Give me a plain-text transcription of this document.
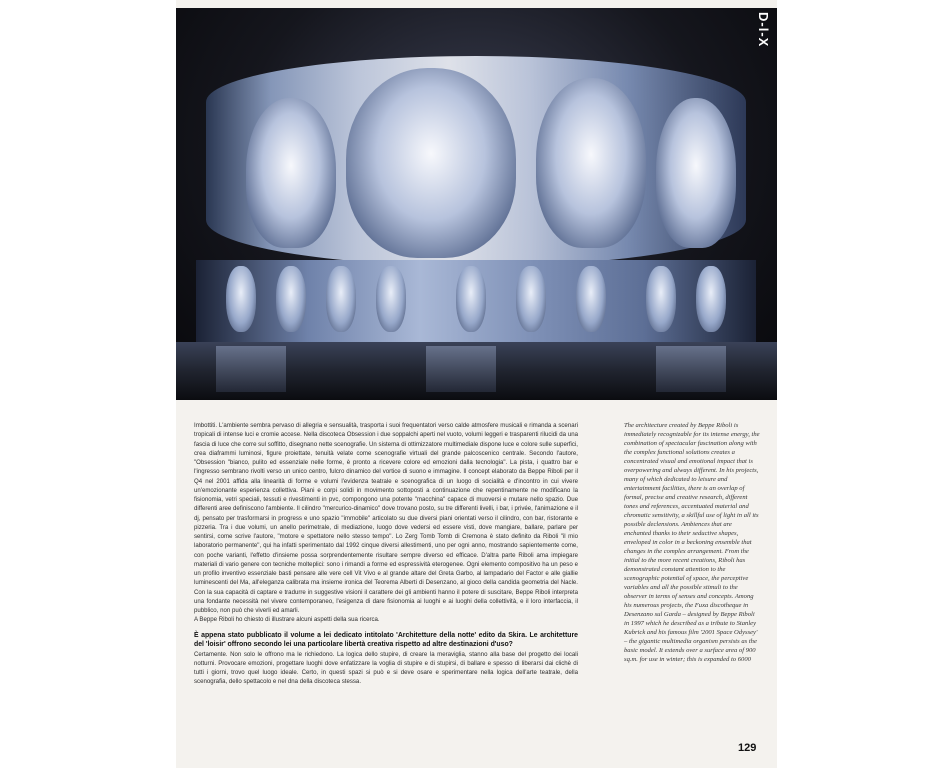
D-l-X

Imbottiti. L'ambiente sembra pervaso di allegria e sensualità, trasporta i suoi frequentatori verso calde atmosfere musicali e rimanda a scenari tropicali di intense luci e cromie accese. Nella discoteca Obsession i due soppalchi aperti nel vuoto, volumi leggeri e trasparenti rilucidi da una fascia di luce che corre sul soffitto, disegnano nette scenografie. Un sistema di ottimizzatore multimediale dispone luce e colore sulle superfici, crea diaframmi luminosi, figure proiettate, tenuità velate come scenografie virtuali del grande palcoscenico centrale. Secondo l'autore, "Obsession "bianco, pulito ed essenziale nelle forme, è pronto a ricevere colore ed emozioni dalla tecnologia". La pista, i quattro bar e l'ingresso sembrano rivolti verso un unico centro, fulcro dinamico del vortice di suono e immagine. Il concept elaborato da Beppe Riboli per il Q4 nel 2001 affida alla linearità di forme e volumi l'evidenza teatrale e scenografica di un luogo di socialità e d'incontro in cui vivere un'emozionante esperienza collettiva. Piani e corpi solidi in movimento sottoposti a continuazione che repentinamente ne modificano la fisionomia, vetri speciali, tessuti e rivestimenti in pvc, compongono una potente "macchina" capace di muoversi e mutare nello spazio. Due differenti aree definiscono l'ambiente. Il cilindro "mercurico-dinamico" dove trovano posto, su tre differenti livelli, i bar, i privée, l'animazione e il dj, pensato per trasformarsi in progress e uno spazio "immobile" articolato su due diversi piani orientati verso il cilindro, con bar, ristorante e pizzeria. Tra i due volumi, un anello perimetrale, di mediazione, luogo dove vedersi ed essere visti, dove mangiare, ballare, parlare per sentirsi, come scrive l'autore, "motore e spettatore nello stesso tempo". Lo Zerg Tomb Tomb di Cremona è stato definito da Riboli "il mio laboratorio permanente", qui ha infatti sperimentato dal 1992 cinque diversi allestimenti, uno per ogni anno, mostrando sapientemente come, con poche varianti, l'effetto d'insieme possa sorprendentemente risultare sempre diverso ed efficace. D'altra parte Riboli ama impiegare materiali di vario genere con tecniche molteplici: sono i rimandi a forme ed espressività eterogenee. Ogni elemento compositivo ha un peso e un profilo inventivo essenziale basti pensare alle vere cell Vit Vivo e al grande altare del Greta Garbo, al lampadario del Factor e alle giallie luminescenti del Ma, all'eleganza calibrata ma insieme ironica del Teorema Alberti di Desenzano, al gioco della candida geometria del Nacle. Con la sua capacità di captare e tradurre in suggestive visioni il carattere dei gli ambienti hanno il potere di suscitare, Beppe Riboli interpreta una fondante necessità nel vivere contemporaneo, l'esigenza di dare fisionomia ai luoghi e ai luoghi della collettività, e il loro interfaccia, il pubblico, non può che viverli ed amarli.

A Beppe Riboli ho chiesto di illustrare alcuni aspetti della sua ricerca.

È appena stato pubblicato il volume a lei dedicato intitolato 'Architetture della notte' edito da Skira. Le architetture del 'loisir' offrono secondo lei una particolare libertà creativa rispetto ad altre destinazioni d'uso?

Certamente. Non solo le offrono ma le richiedono. La logica dello stupire, di creare la meraviglia, stanno alla base del progetto dei locali notturni. Provocare emozioni, progettare luoghi dove enfatizzare la voglia di stupire e di stupirsi, di ballare e spesso di liberarsi dai clichè di tutti i giorni, trovo quel luogo ideale. Certo, in questi spazi si può e si deve osare e sperimentare nella logica dell'arte teatrale, della scenografia, dello spettacolo e nel dna della discoteca stessa.

The architecture created by Beppe Riboli is immediately recognizable for its intense energy, the combination of spectacular fascination along with the complex functional solutions creates a concentrated visual and emotional impact that is overpowering and always different. In his projects, many of which dedicated to leisure and entertainment facilities, there is an overlap of formal, precise and creative research, different tones and references, accentuated material and chromatic sensitivity, a skillful use of light in all its possible declensions. Ambiences that are enchanted thanks to their seductive shapes, enveloped in color in a beckoning ensemble that changes in the complex arrangement. From the initial to the more recent creations, Riboli has demonstrated constant attention to the scenographic potential of space, the perceptive variables and all the possible stimuli to the observer in terms of senses and concepts. Among his numerous projects, the Fuxa discotheque in Desenzano sul Garda – designed by Beppe Riboli in 1997 which he described as a tribute to Stanley Kubrick and his famous film '2001 Space Odyssey' – the gigantic multimedia organism persists as the basic model. It extends over a surface area of 900 sq.m. for use in winter; this is expanded to 6000
129
